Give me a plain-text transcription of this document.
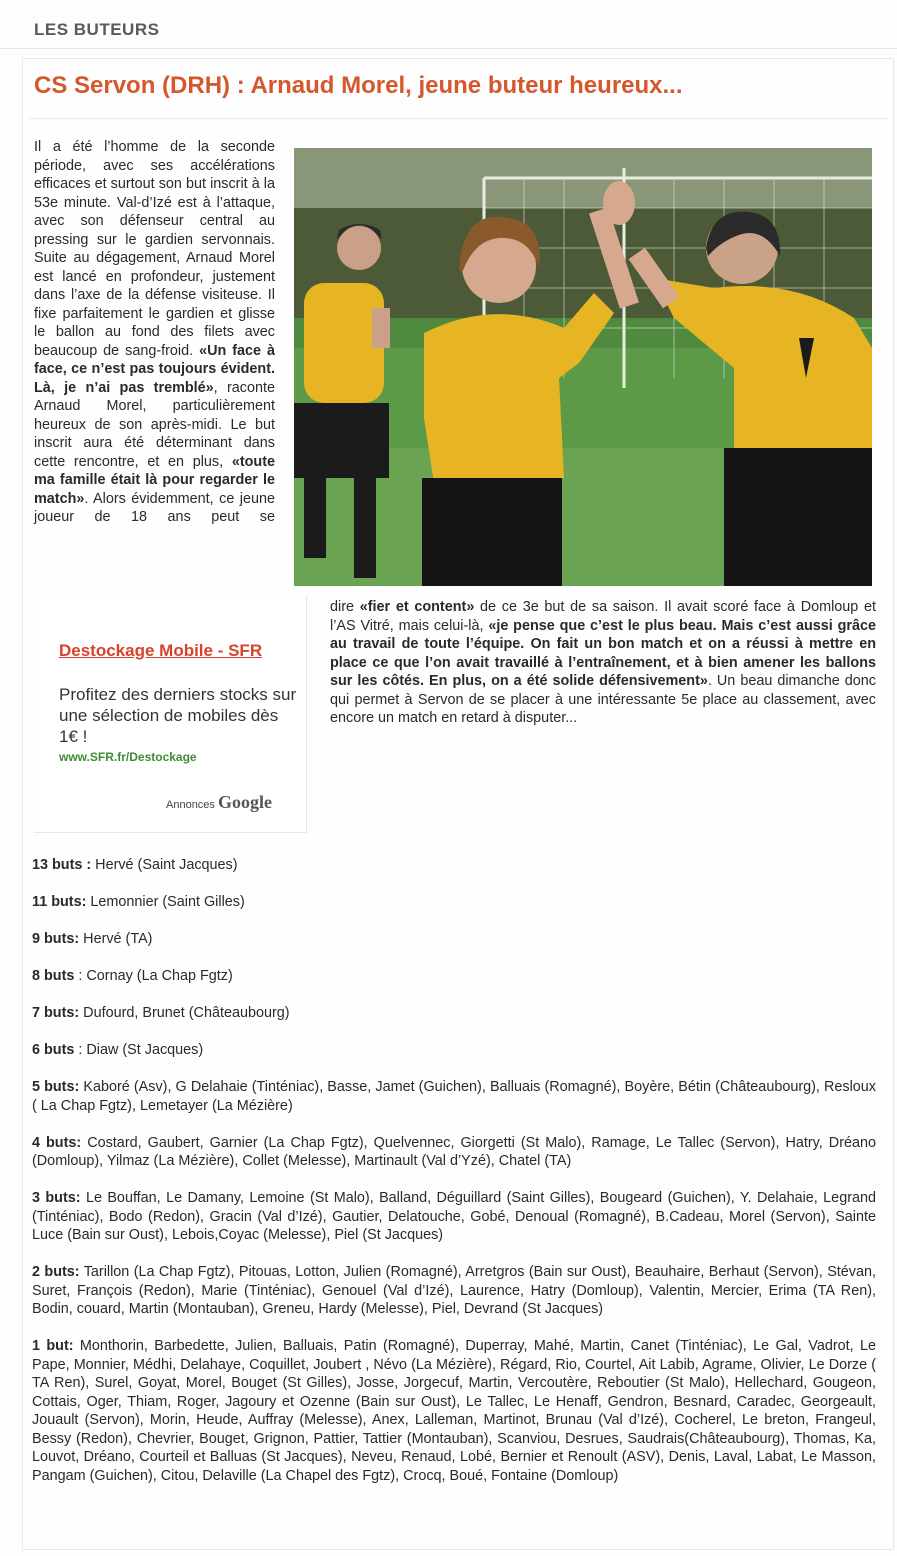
LES BUTEURS
CS Servon (DRH) : Arnaud Morel, jeune buteur heureux...
Il a été l’homme de la seconde période, avec ses accélérations efficaces et surtout son but inscrit à la 53e minute. Val-d’Izé est à l’attaque, avec son défenseur central au pressing sur le gardien servonnais. Suite au dégagement, Arnaud Morel est lancé en profondeur, justement dans l’axe de la défense visiteuse. Il fixe parfaitement le gardien et glisse le ballon au fond des filets avec beaucoup de sang-froid. «Un face à face, ce n’est pas toujours évident. Là, je n’ai pas tremblé», raconte Arnaud Morel, particulièrement heureux de son après-midi. Le but inscrit aura été déterminant dans cette rencontre, et en plus, «toute ma famille était là pour regarder le match». Alors évidemment, ce jeune joueur de 18 ans peut se
dire «fier et content» de ce 3e but de sa saison. Il avait scoré face à Domloup et l’AS Vitré, mais celui-là, «je pense que c’est le plus beau. Mais c’est aussi grâce au travail de toute l’équipe. On fait un bon match et on a réussi à mettre en place ce que l’on avait travaillé à l’entraînement, et à bien amener les ballons sur les côtés. En plus, on a été solide défensivement». Un beau dimanche donc qui permet à Servon de se placer à une intéressante 5e place au classement, avec encore un match en retard à disputer...
Destockage Mobile - SFR
Profitez des derniers stocks sur une sélection de mobiles dès 1€ !
www.SFR.fr/Destockage
Annonces Google
13 buts : Hervé (Saint Jacques)
11 buts: Lemonnier (Saint Gilles)
9 buts: Hervé (TA)
8 buts : Cornay (La Chap Fgtz)
7 buts: Dufourd, Brunet (Châteaubourg)
6 buts : Diaw (St Jacques)
5 buts: Kaboré (Asv), G Delahaie (Tinténiac), Basse, Jamet (Guichen), Balluais (Romagné), Boyère, Bétin (Châteaubourg), Resloux ( La Chap Fgtz), Lemetayer (La Mézière)
4 buts: Costard, Gaubert, Garnier (La Chap Fgtz), Quelvennec, Giorgetti (St Malo), Ramage, Le Tallec (Servon), Hatry, Dréano (Domloup), Yilmaz (La Mézière), Collet (Melesse), Martinault (Val d’Yzé), Chatel (TA)
3 buts: Le Bouffan, Le Damany, Lemoine (St Malo), Balland, Déguillard (Saint Gilles), Bougeard (Guichen), Y. Delahaie, Legrand (Tinténiac), Bodo (Redon), Gracin (Val d’Izé), Gautier, Delatouche, Gobé, Denoual (Romagné), B.Cadeau, Morel (Servon), Sainte Luce (Bain sur Oust), Lebois,Coyac (Melesse), Piel (St Jacques)
2 buts: Tarillon (La Chap Fgtz), Pitouas, Lotton, Julien (Romagné), Arretgros (Bain sur Oust), Beauhaire, Berhaut (Servon), Stévan, Suret, François (Redon), Marie (Tinténiac), Genouel (Val d’Izé), Laurence, Hatry (Domloup), Valentin, Mercier, Erima (TA Ren), Bodin, couard, Martin (Montauban), Greneu, Hardy (Melesse), Piel, Devrand (St Jacques)
1 but: Monthorin, Barbedette, Julien, Balluais, Patin (Romagné), Duperray, Mahé, Martin, Canet (Tinténiac), Le Gal, Vadrot, Le Pape, Monnier, Médhi, Delahaye, Coquillet, Joubert , Névo (La Mézière), Régard, Rio, Courtel, Ait Labib, Agrame, Olivier, Le Dorze ( TA Ren), Surel, Goyat, Morel, Bouget (St Gilles), Josse, Jorgecuf, Martin, Vercoutère, Reboutier (St Malo), Hellechard, Gougeon, Cottais, Oger, Thiam, Roger, Jagoury et Ozenne (Bain sur Oust), Le Tallec, Le Henaff, Gendron, Besnard, Caradec, Georgeault, Jouault (Servon), Morin, Heude, Auffray (Melesse), Anex, Lalleman, Martinot, Brunau (Val d’Izé), Cocherel, Le breton, Frangeul, Bessy (Redon), Chevrier, Bouget, Grignon, Pattier, Tattier (Montauban), Scanviou, Desrues, Saudrais(Châteaubourg), Thomas, Ka, Louvot, Dréano, Courteil et Balluas (St Jacques), Neveu, Renaud, Lobé, Bernier et Renoult (ASV), Denis, Laval, Labat, Le Masson, Pangam (Guichen), Citou, Delaville (La Chapel des Fgtz), Crocq, Boué, Fontaine (Domloup)
